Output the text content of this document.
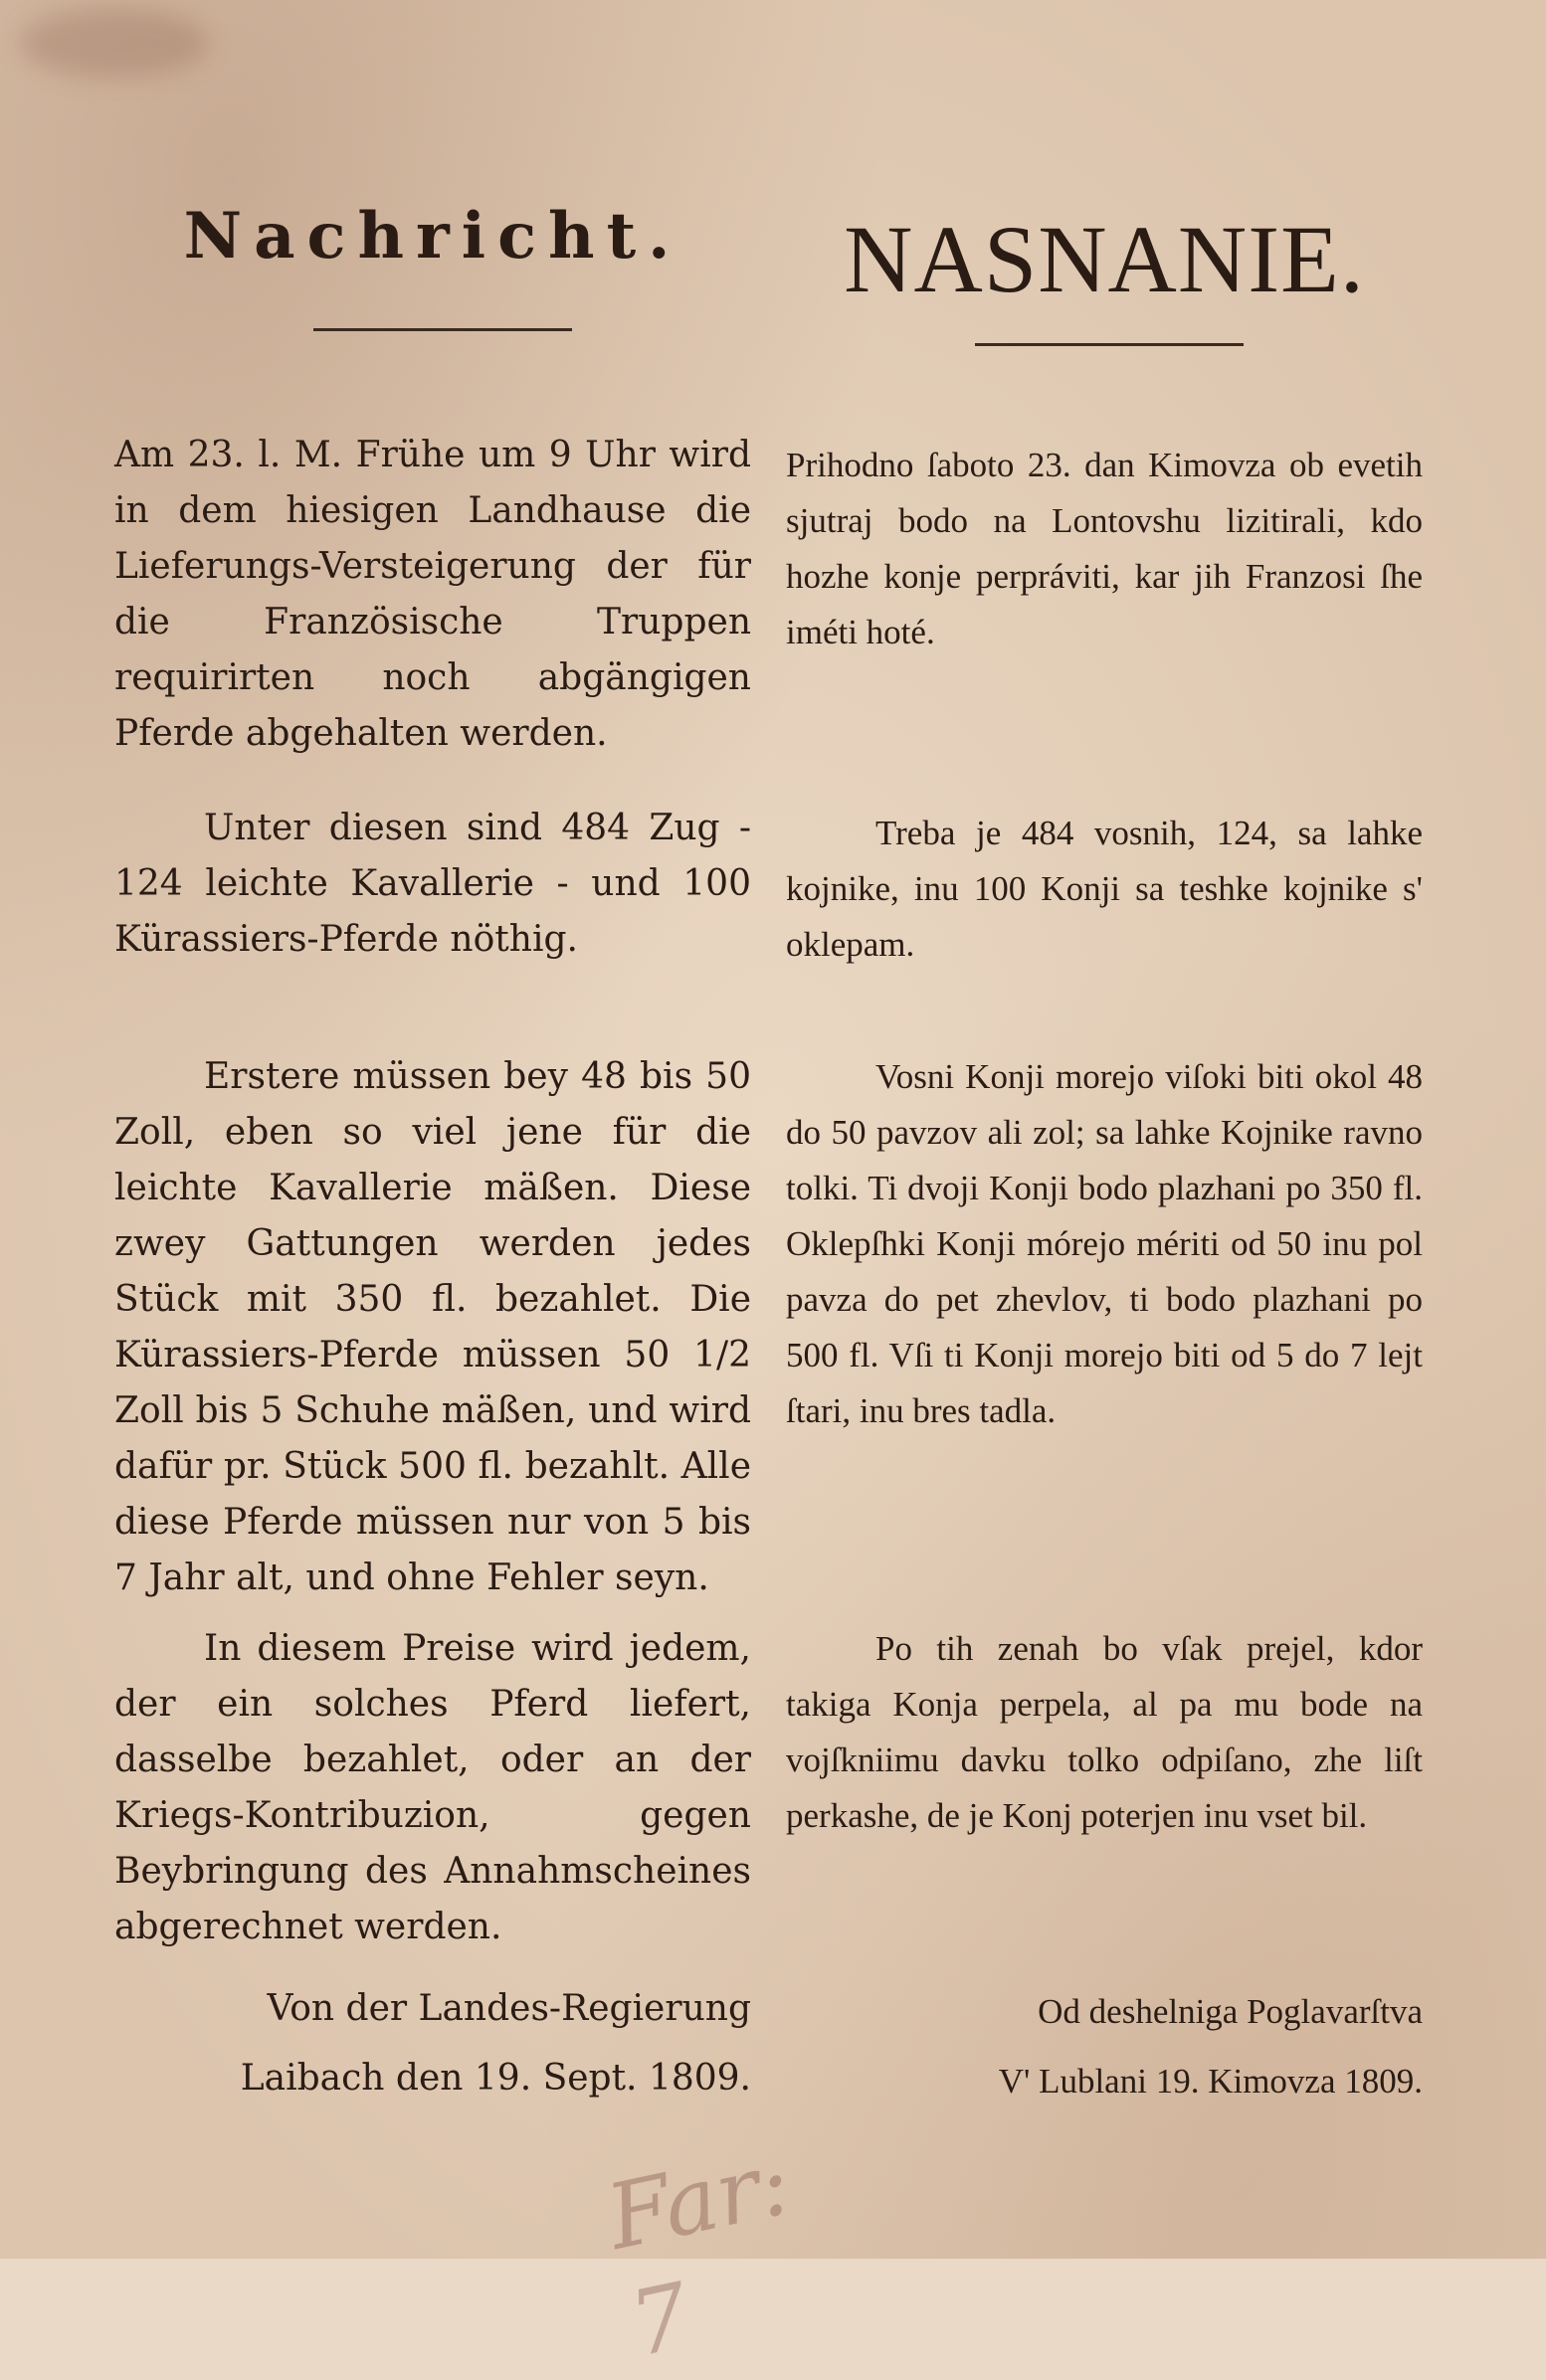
Nachricht.

Am 23. l. M. Frühe um 9 Uhr wird in dem hiesigen Landhause die Lieferungs-Versteigerung der für die Französische Truppen requirirten noch abgängigen Pferde abgehalten werden.

Unter diesen sind 484 Zug - 124 leichte Kavallerie - und 100 Kürassiers-Pferde nöthig.

Erstere müssen bey 48 bis 50 Zoll, eben so viel jene für die leichte Kavallerie mäßen. Diese zwey Gattungen werden jedes Stück mit 350 fl. bezahlet. Die Kürassiers-Pferde müssen 50 1/2 Zoll bis 5 Schuhe mäßen, und wird dafür pr. Stück 500 fl. bezahlt. Alle diese Pferde müssen nur von 5 bis 7 Jahr alt, und ohne Fehler seyn.

In diesem Preise wird jedem, der ein solches Pferd liefert, dasselbe bezahlet, oder an der Kriegs-Kontribuzion, gegen Beybringung des Annahmscheines abgerechnet werden.

Von der Landes-Regierung
Laibach den 19. Sept. 1809.

NASNANIE.

Prihodno ſaboto 23. dan Kimovza ob evetih sjutraj bodo na Lontovshu lizitirali, kdo hozhe konje perpráviti, kar jih Franzosi ſhe iméti hoté.

Treba je 484 vosnih, 124, sa lahke kojnike, inu 100 Konji sa teshke kojnike s' oklepam.

Vosni Konji morejo viſoki biti okol 48 do 50 pavzov ali zol; sa lahke Kojnike ravno tolki. Ti dvoji Konji bodo plazhani po 350 fl. Oklepſhki Konji mórejo mériti od 50 inu pol pavza do pet zhevlov, ti bodo plazhani po 500 fl. Vſi ti Konji morejo biti od 5 do 7 lejt ſtari, inu bres tadla.

Po tih zenah bo vſak prejel, kdor takiga Konja perpela, al pa mu bode na vojſkniimu davku tolko odpiſano, zhe liſt perkashe, de je Konj poterjen inu vset bil.

Od deshelniga Poglavarſtva
V' Lublani 19. Kimovza 1809.

Far: 7
